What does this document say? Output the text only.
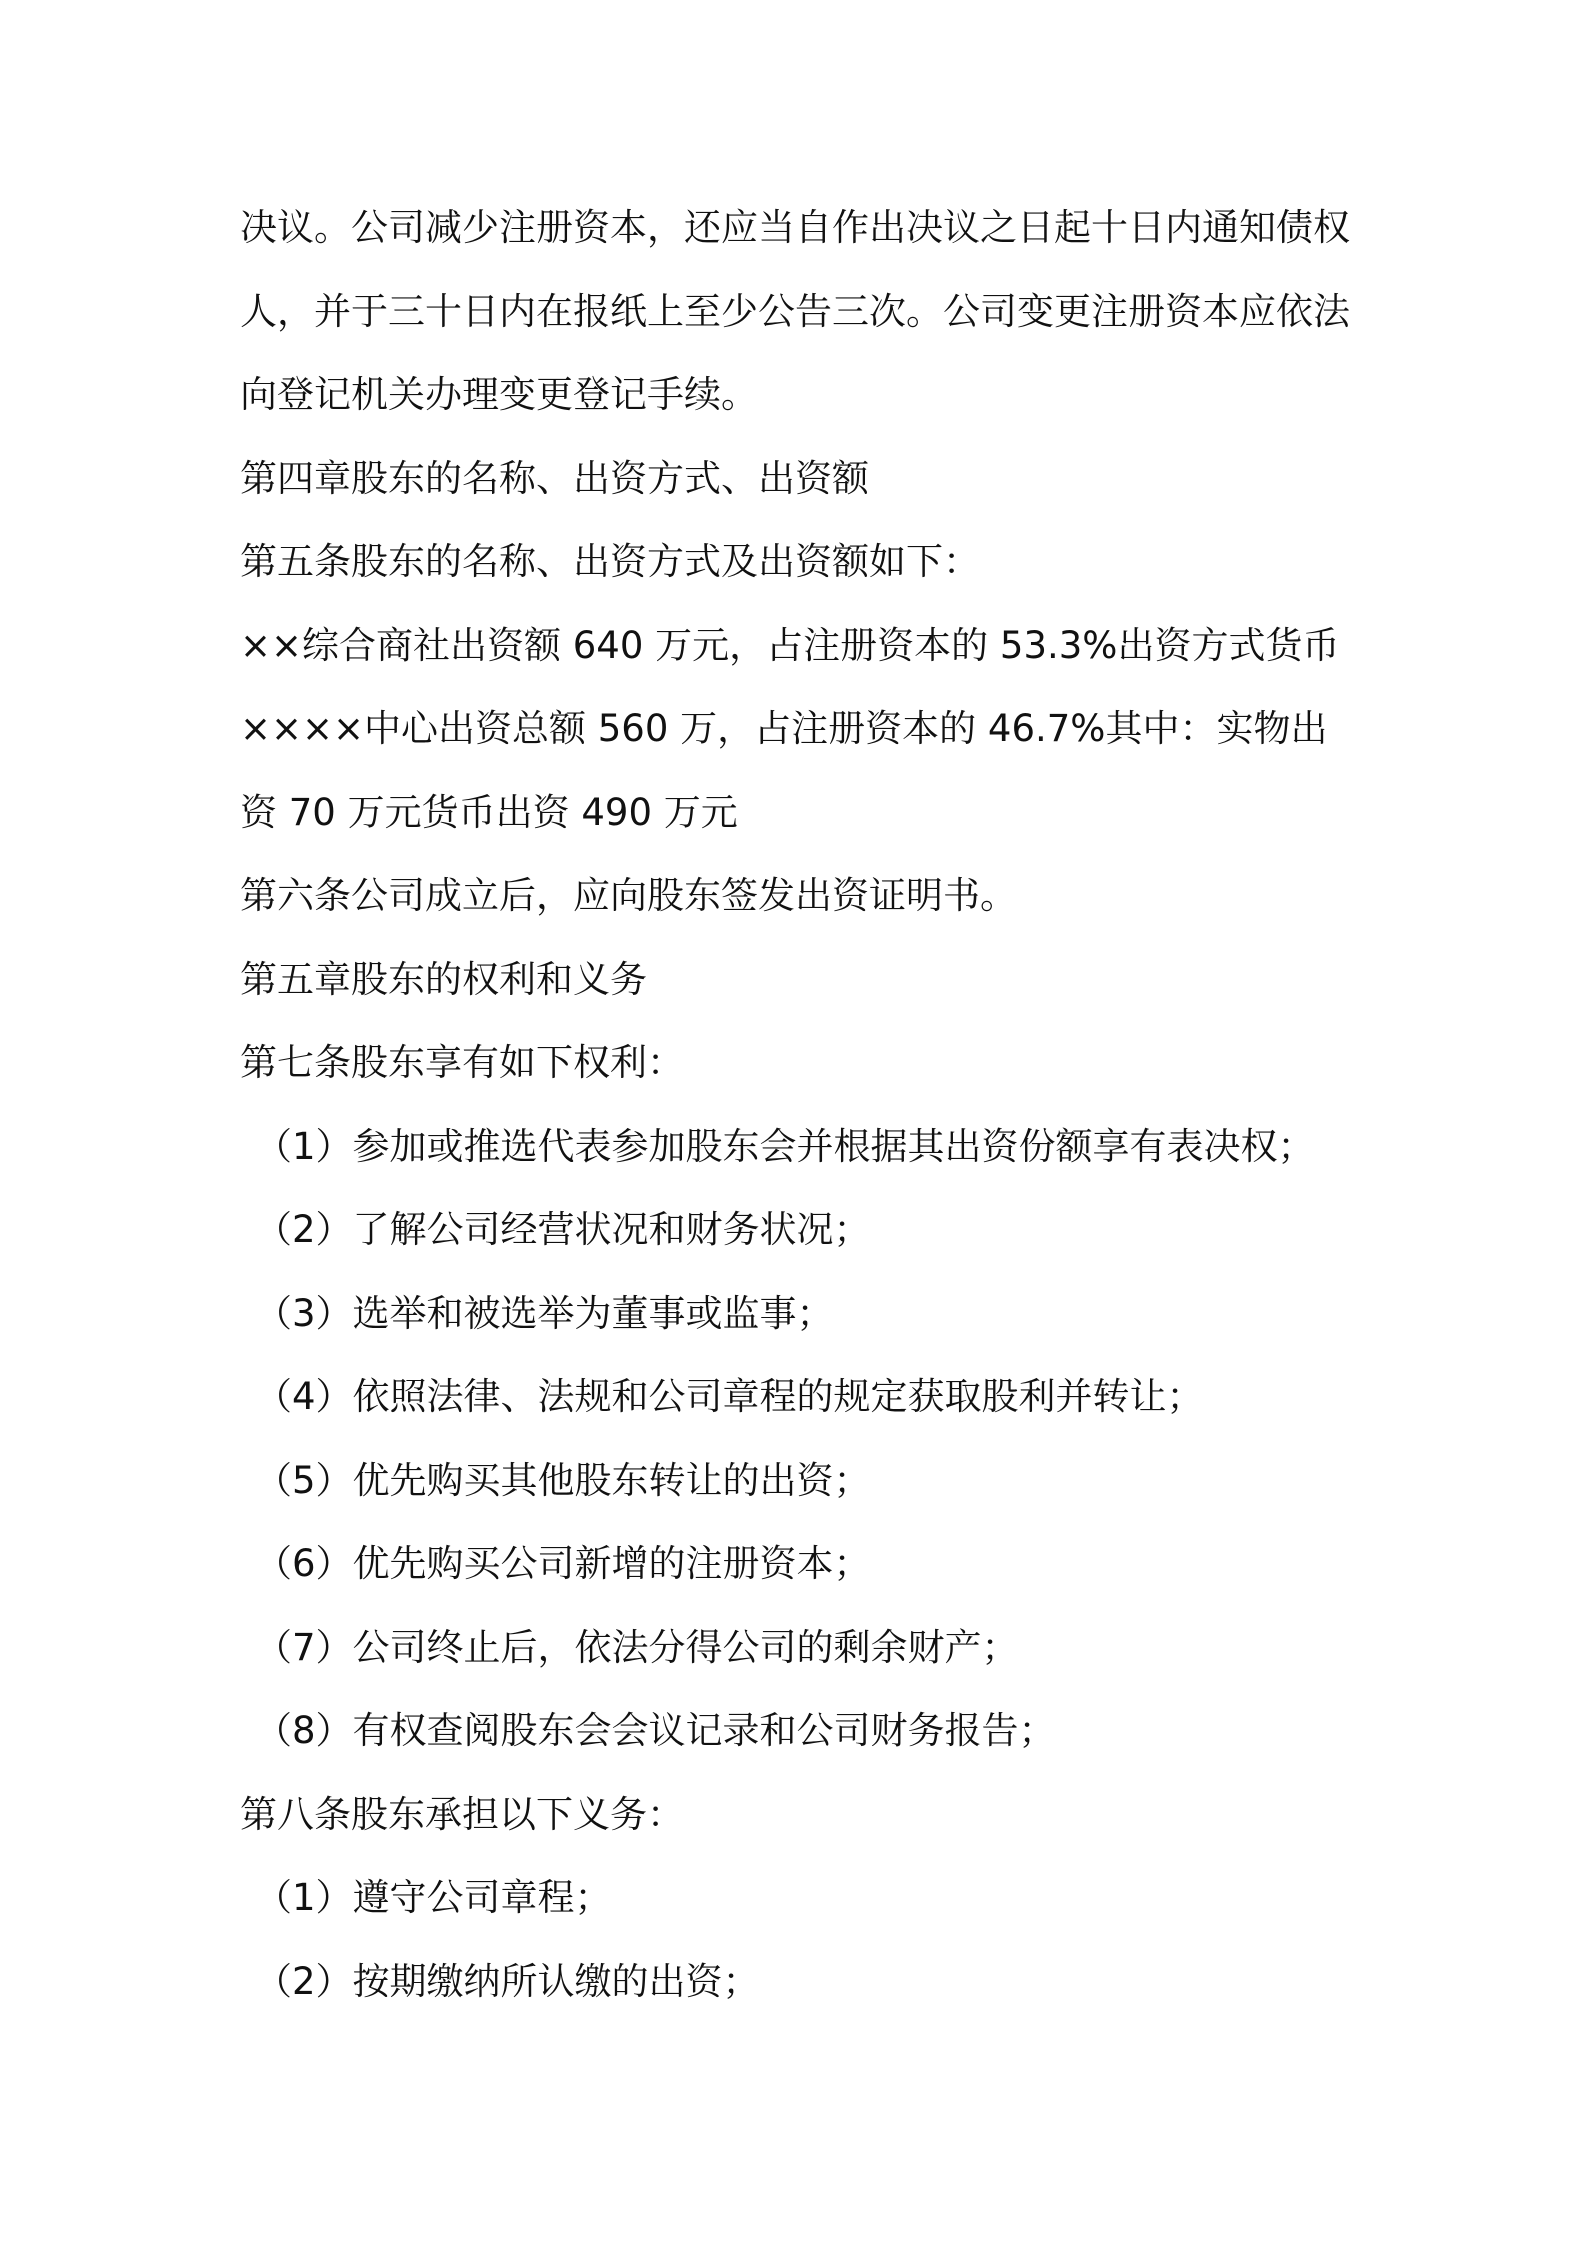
决议。公司减少注册资本，还应当自作出决议之日起十日内通知债权
人，并于三十日内在报纸上至少公告三次。公司变更注册资本应依法
向登记机关办理变更登记手续。
第四章股东的名称、出资方式、出资额
第五条股东的名称、出资方式及出资额如下：
××综合商社出资额 640 万元，占注册资本的 53.3%出资方式货币
××××中心出资总额 560 万，占注册资本的 46.7%其中：实物出
资 70 万元货币出资 490 万元
第六条公司成立后，应向股东签发出资证明书。
第五章股东的权利和义务
第七条股东享有如下权利：
（1）参加或推选代表参加股东会并根据其出资份额享有表决权；
（2）了解公司经营状况和财务状况；
（3）选举和被选举为董事或监事；
（4）依照法律、法规和公司章程的规定获取股利并转让；
（5）优先购买其他股东转让的出资；
（6）优先购买公司新增的注册资本；
（7）公司终止后，依法分得公司的剩余财产；
（8）有权查阅股东会会议记录和公司财务报告；
第八条股东承担以下义务：
（1）遵守公司章程；
（2）按期缴纳所认缴的出资；
